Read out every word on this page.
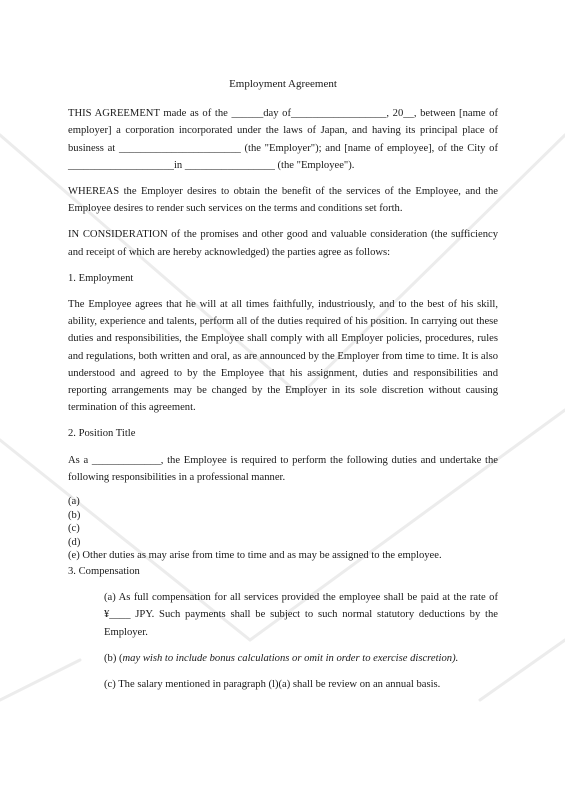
Employment Agreement

THIS AGREEMENT made as of the ______day of__________________, 20__, between [name of employer] a corporation incorporated under the laws of Japan, and having its principal place of business at _______________________ (the "Employer"); and [name of employee], of the City of ____________________in _________________ (the "Employee").

WHEREAS the Employer desires to obtain the benefit of the services of the Employee, and the Employee desires to render such services on the terms and conditions set forth.

IN CONSIDERATION of the promises and other good and valuable consideration (the sufficiency and receipt of which are hereby acknowledged) the parties agree as follows:

1. Employment

The Employee agrees that he will at all times faithfully, industriously, and to the best of his skill, ability, experience and talents, perform all of the duties required of his position. In carrying out these duties and responsibilities, the Employee shall comply with all Employer policies, procedures, rules and regulations, both written and oral, as are announced by the Employer from time to time. It is also understood and agreed to by the Employee that his assignment, duties and responsibilities and reporting arrangements may be changed by the Employer in its sole discretion without causing termination of this agreement.

2. Position Title

As a _____________, the Employee is required to perform the following duties and undertake the following responsibilities in a professional manner.

(a)
(b)
(c)
(d)
(e) Other duties as may arise from time to time and as may be assigned to the employee.
3. Compensation

(a) As full compensation for all services provided the employee shall be paid at the rate of ¥____ JPY. Such payments shall be subject to such normal statutory deductions by the Employer.

(b) (may wish to include bonus calculations or omit in order to exercise discretion).

(c) The salary mentioned in paragraph (l)(a) shall be review on an annual basis.
